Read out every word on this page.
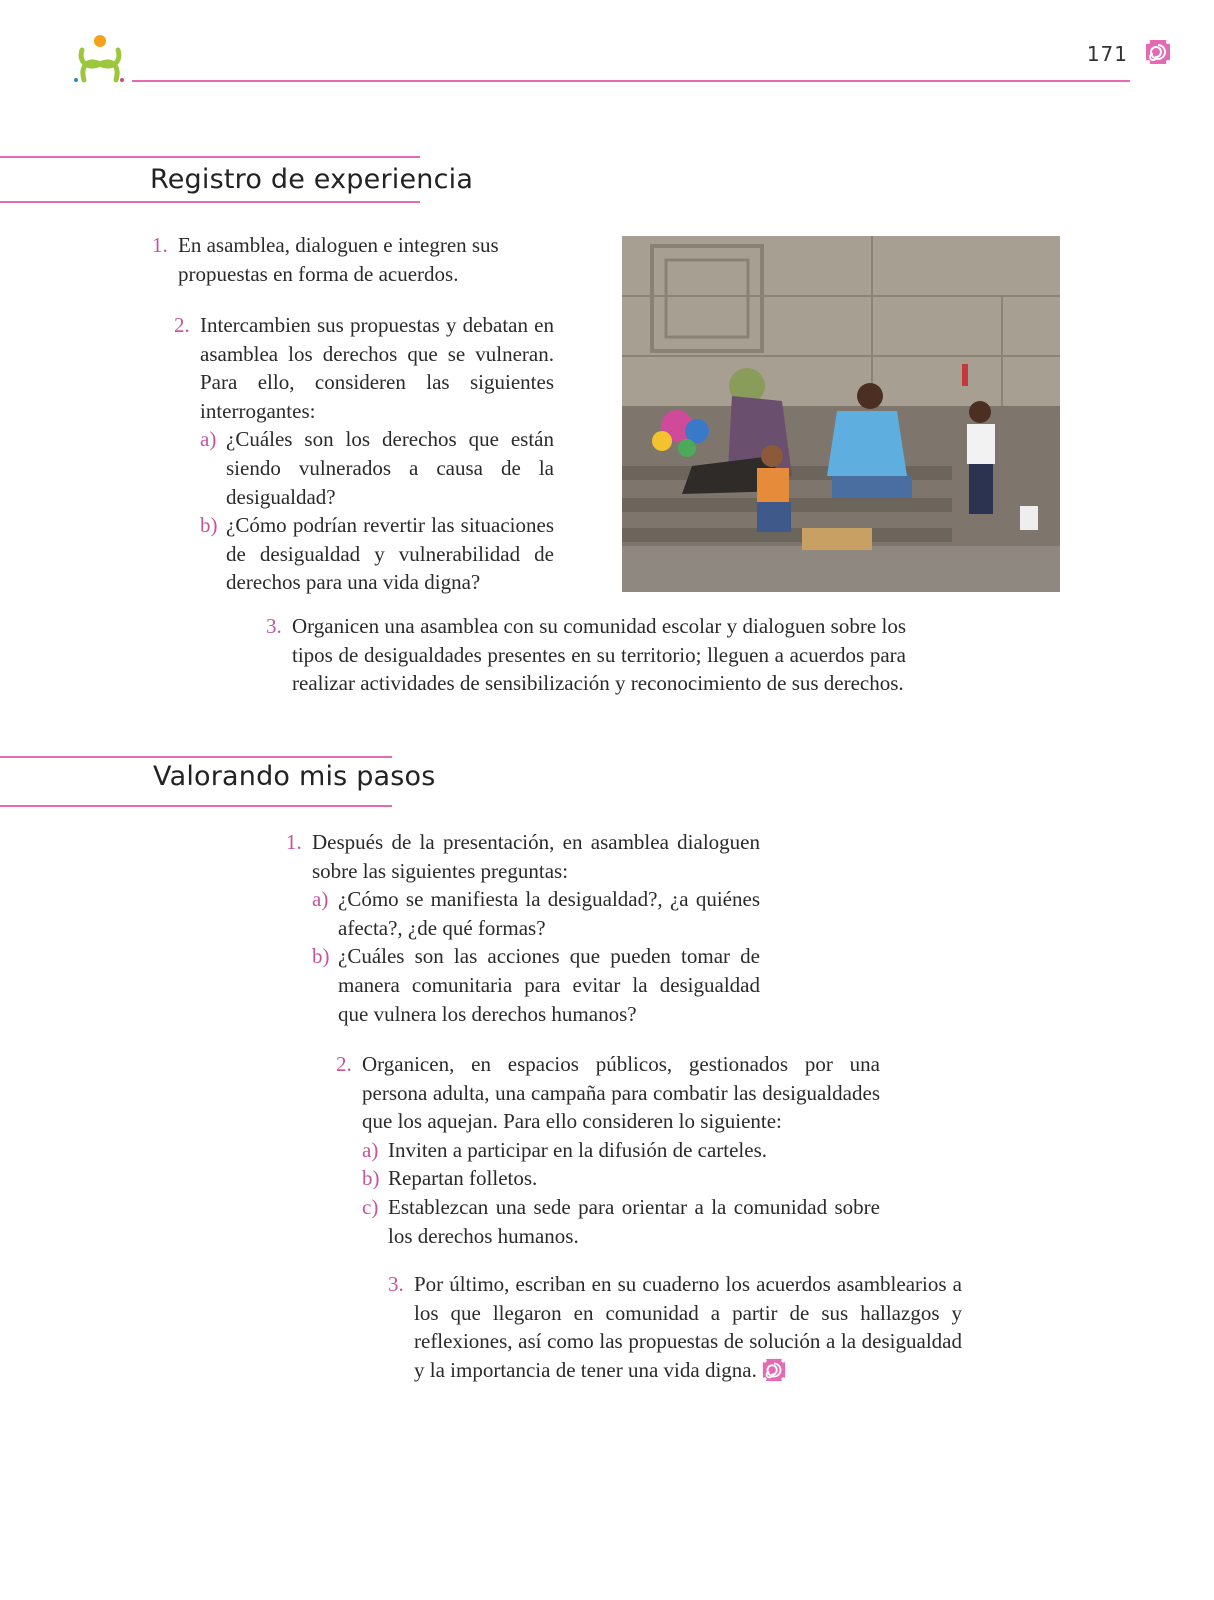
171
Registro de experiencia
1. En asamblea, dialoguen e integren sus propuestas en forma de acuerdos.
2. Intercambien sus propuestas y debatan en asamblea los derechos que se vulneran. Para ello, consideren las siguientes interrogantes:
a) ¿Cuáles son los derechos que están siendo vulnerados a causa de la desigualdad?
b) ¿Cómo podrían revertir las situaciones de desigualdad y vulnerabilidad de derechos para una vida digna?
3. Organicen una asamblea con su comunidad escolar y dialoguen sobre los tipos de desigualdades presentes en su territorio; lleguen a acuerdos para realizar actividades de sensibilización y reconocimiento de sus derechos.
Valorando mis pasos
1. Después de la presentación, en asamblea dialoguen sobre las siguientes preguntas:
a) ¿Cómo se manifiesta la desigualdad?, ¿a quiénes afecta?, ¿de qué formas?
b) ¿Cuáles son las acciones que pueden tomar de manera comunitaria para evitar la desigualdad que vulnera los derechos humanos?
2. Organicen, en espacios públicos, gestionados por una persona adulta, una campaña para combatir las desigualdades que los aquejan. Para ello consideren lo siguiente:
a) Inviten a participar en la difusión de carteles.
b) Repartan folletos.
c) Establezcan una sede para orientar a la comunidad sobre los derechos humanos.
3. Por último, escriban en su cuaderno los acuerdos asamblearios a los que llegaron en comunidad a partir de sus hallazgos y reflexiones, así como las propuestas de solución a la desigualdad y la importancia de tener una vida digna.
